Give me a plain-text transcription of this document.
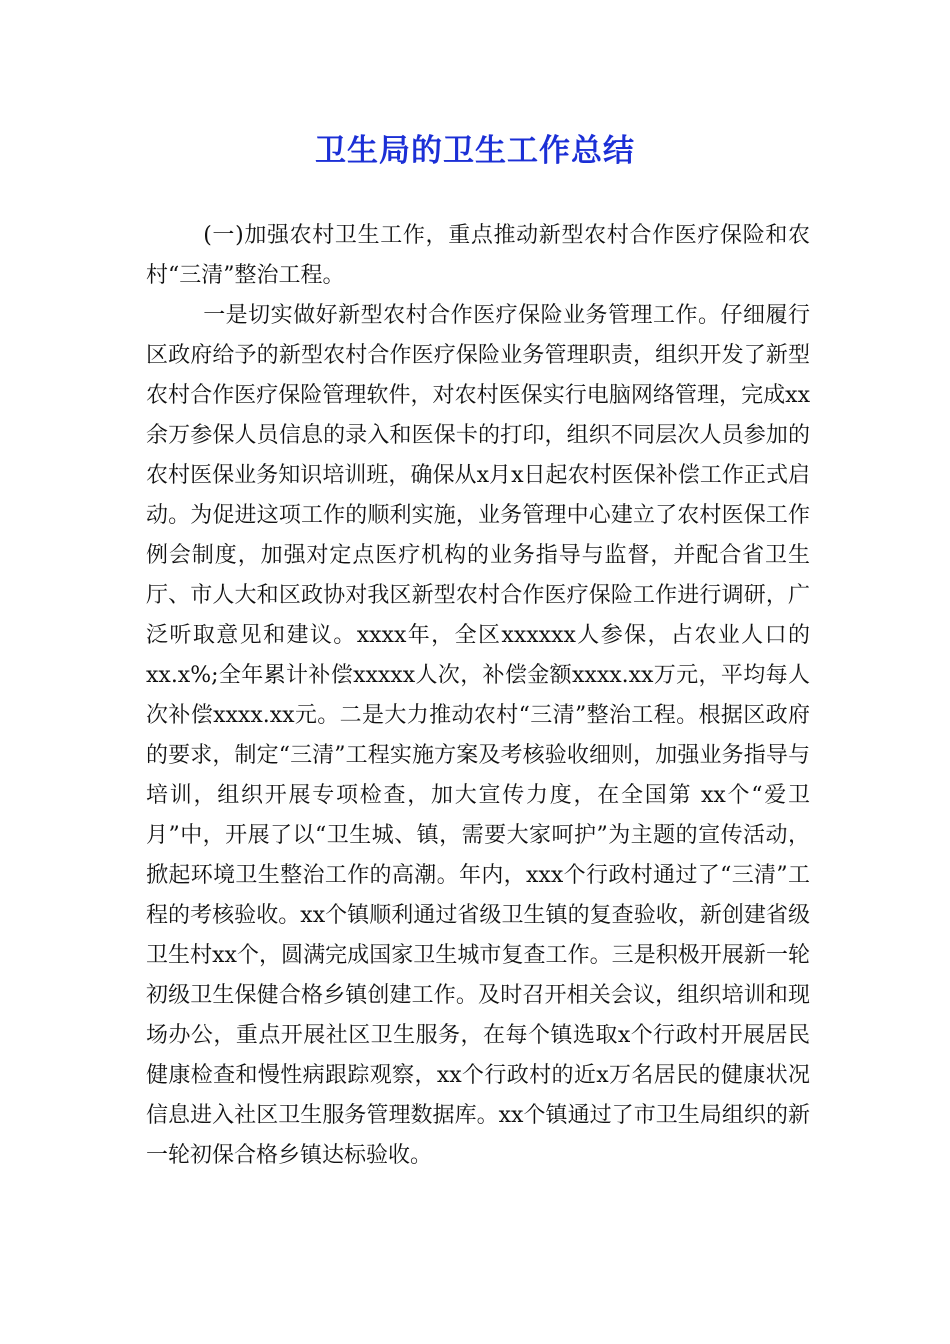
卫生局的卫生工作总结

(一)加强农村卫生工作，重点推动新型农村合作医疗保险和农村“三清”整治工程。

一是切实做好新型农村合作医疗保险业务管理工作。仔细履行区政府给予的新型农村合作医疗保险业务管理职责，组织开发了新型农村合作医疗保险管理软件，对农村医保实行电脑网络管理，完成xx余万参保人员信息的录入和医保卡的打印，组织不同层次人员参加的农村医保业务知识培训班，确保从x月x日起农村医保补偿工作正式启动。为促进这项工作的顺利实施，业务管理中心建立了农村医保工作例会制度，加强对定点医疗机构的业务指导与监督，并配合省卫生厅、市人大和区政协对我区新型农村合作医疗保险工作进行调研，广泛听取意见和建议。xxxx年，全区xxxxxx人参保，占农业人口的xx.x%;全年累计补偿xxxxx人次，补偿金额xxxx.xx万元，平均每人次补偿xxxx.xx元。二是大力推动农村“三清”整治工程。根据区政府的要求，制定“三清”工程实施方案及考核验收细则，加强业务指导与培训，组织开展专项检查，加大宣传力度，在全国第 xx个“爱卫月”中，开展了以“卫生城、镇，需要大家呵护”为主题的宣传活动，掀起环境卫生整治工作的高潮。年内，xxx个行政村通过了“三清”工程的考核验收。xx个镇顺利通过省级卫生镇的复查验收，新创建省级卫生村xx个，圆满完成国家卫生城市复查工作。三是积极开展新一轮初级卫生保健合格乡镇创建工作。及时召开相关会议，组织培训和现场办公，重点开展社区卫生服务，在每个镇选取x个行政村开展居民健康检查和慢性病跟踪观察，xx个行政村的近x万名居民的健康状况信息进入社区卫生服务管理数据库。xx个镇通过了市卫生局组织的新一轮初保合格乡镇达标验收。
